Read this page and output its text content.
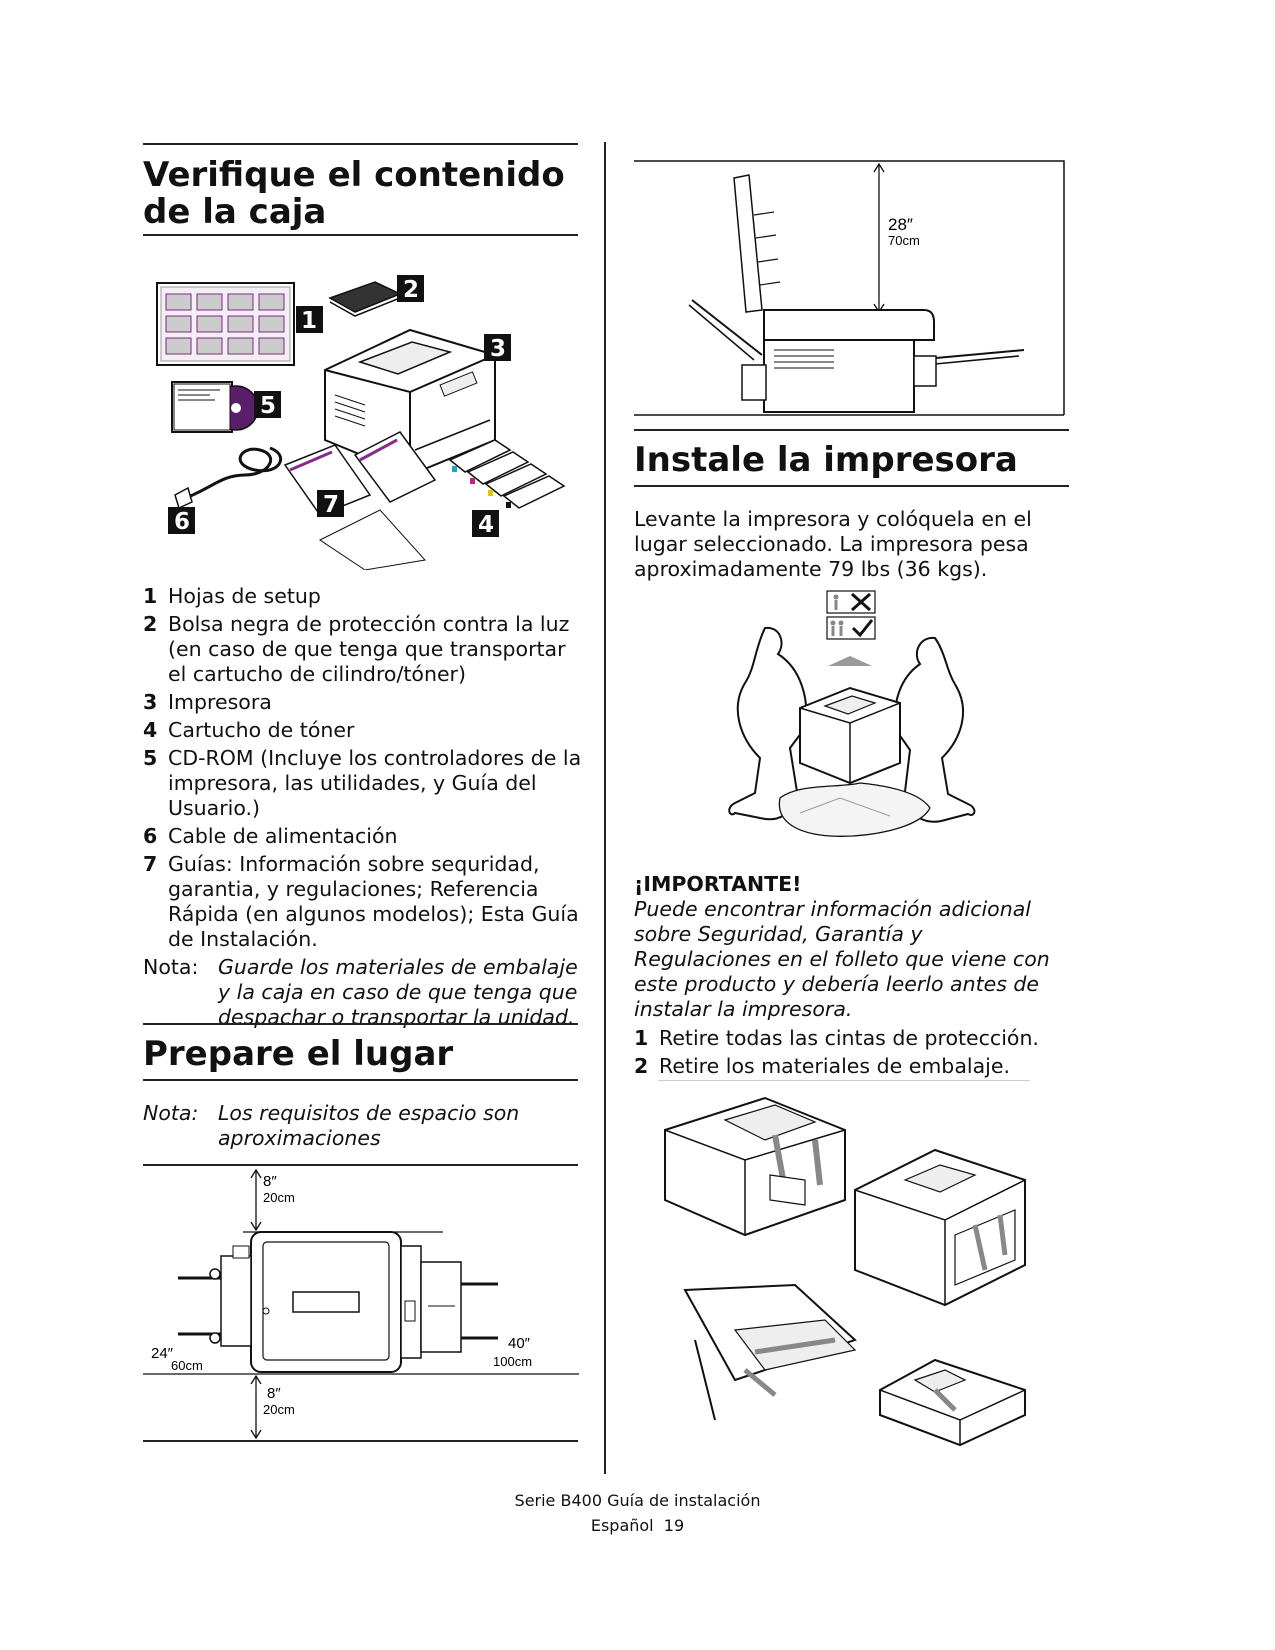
Verifique el contenido de la caja
1
2
3
4
5
6
7
1 Hojas de setup
2 Bolsa negra de protección contra la luz (en caso de que tenga que transportar el cartucho de cilindro/tóner)
3 Impresora
4 Cartucho de tóner
5 CD-ROM (Incluye los controladores de la impresora, las utilidades, y Guía del Usuario.)
6 Cable de alimentación
7 Guías: Información sobre sequridad, garantia, y regulaciones; Referencia Rápida (en algunos modelos); Esta Guía de Instalación.
Nota: Guarde los materiales de embalaje y la caja en caso de que tenga que despachar o transportar la unidad.
Prepare el lugar
Nota: Los requisitos de espacio son aproximaciones
8″
20cm
24″
60cm
40″
100cm
8″
20cm
28″
70cm
Instale la impresora

Levante la impresora y colóquela en el lugar seleccionado. La impresora pesa aproximadamente 79 lbs (36 kgs).

¡IMPORTANTE!
Puede encontrar información adicional sobre Seguridad, Garantía y Regulaciones en el folleto que viene con este producto y debería leerlo antes de instalar la impresora.
1 Retire todas las cintas de protección.
2 Retire los materiales de embalaje.
Serie B400 Guía de instalación
Español  19
